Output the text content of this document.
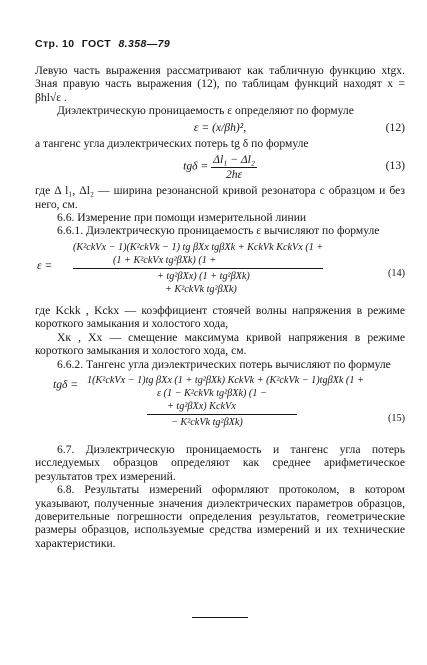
Стр. 10 ГОСТ 8.358—79

Левую часть выражения рассматривают как табличную функцию xtgx. Зная правую часть выражения (12), по таблицам функций находят x = βhl√ε .

Диэлектрическую проницаемость ε определяют по формуле

ε = (x/βh)²,	(12)

а тангенс угла диэлектрических потерь tg δ по формуле

$tg\delta = \frac{\text{Δl₁ − Δl₂}}{2h\varepsilon}$	(13)

где Δ l₁, Δl₂ — ширина резонансной кривой резонатора с образцом и без него, см.

6.6. Измерение при помощи измерительной линии

6.6.1. Диэлектрическую проницаемость ε вычисляют по формуле

ε =
(K²ckVx − 1)(K²ckVk − 1) tg βXx tgβXk + KckVk KckVx (1 +
(1 + K²ckVx tg²βXk) (1 +
+ tg²βXx) (1 + tg²βXk)
+ K²ckVk tg²βXk)
(14)

где Kckk , Kckx — коэффициент стоячей волны напряжения в режиме короткого замыкания и холостого хода,

Xк , Xx — смещение максимума кривой напряжения в режиме короткого замыкания и холостого хода, см.

6.6.2. Тангенс угла диэлектрических потерь вычисляют по формуле

tgδ = 1(K²ckVx − 1)tg βXx (1 + tg²βXk) KckVk + (K²ckVk − 1)tgβXk (1 +
ε (1 − K²ckVk tg²βXk) (1 −
+ tg²βXx) KckVx
− K²ckVk tg²βXk)	(15)

6.7. Диэлектрическую проницаемость и тангенс угла потерь исследуемых образцов определяют как среднее арифметическое результатов трех измерений.

6.8. Результаты измерений оформляют протоколом, в котором указывают, полученные значения диэлектрических параметров образцов, доверительные погрешности определения результатов, геометрические размеры образцов, используемые средства измерений и их технические характеристики.
